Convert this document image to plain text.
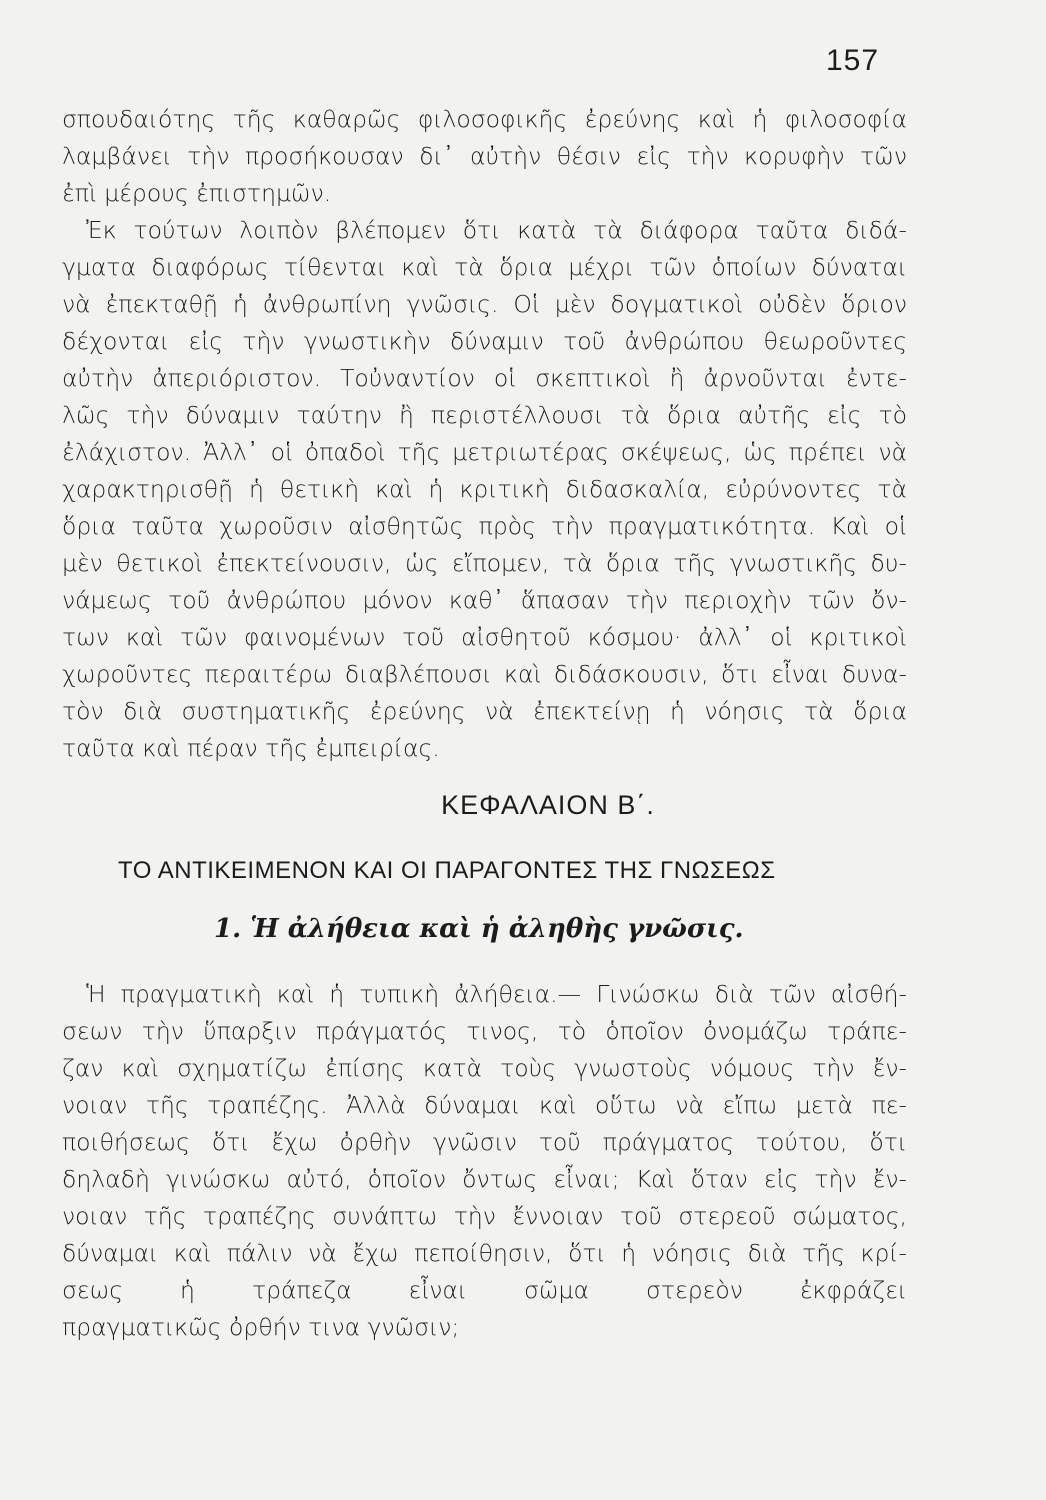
157
σπουδαιότης τῆς καθαρῶς φιλοσοφικῆς ἐρεύνης καὶ ἡ φιλοσοφία
λαμβάνει τὴν προσήκουσαν δι᾽ αὐτὴν θέσιν εἰς τὴν κορυφὴν τῶν
ἐπὶ μέρους ἐπιστημῶν.
Ἐκ τούτων λοιπὸν βλέπομεν ὅτι κατὰ τὰ διάφορα ταῦτα διδά-
γματα διαφόρως τίθενται καὶ τὰ ὅρια μέχρι τῶν ὁποίων δύναται
νὰ ἐπεκταθῇ ἡ ἀνθρωπίνη γνῶσις. Οἱ μὲν δογματικοὶ οὐδὲν ὅριον
δέχονται εἰς τὴν γνωστικὴν δύναμιν τοῦ ἀνθρώπου θεωροῦντες
αὐτὴν ἀπεριόριστον. Τοὐναντίον οἱ σκεπτικοὶ ἢ ἀρνοῦνται ἐντε-
λῶς τὴν δύναμιν ταύτην ἢ περιστέλλουσι τὰ ὅρια αὐτῆς εἰς τὸ
ἐλάχιστον. Ἀλλ᾽ οἱ ὀπαδοὶ τῆς μετριωτέρας σκέψεως, ὡς πρέπει νὰ
χαρακτηρισθῇ ἡ θετικὴ καὶ ἡ κριτικὴ διδασκαλία, εὐρύνοντες τὰ
ὅρια ταῦτα χωροῦσιν αἰσθητῶς πρὸς τὴν πραγματικότητα. Καὶ οἱ
μὲν θετικοὶ ἐπεκτείνουσιν, ὡς εἴπομεν, τὰ ὅρια τῆς γνωστικῆς δυ-
νάμεως τοῦ ἀνθρώπου μόνον καθ᾽ ἅπασαν τὴν περιοχὴν τῶν ὄν-
των καὶ τῶν φαινομένων τοῦ αἰσθητοῦ κόσμου· ἀλλ᾽ οἱ κριτικοὶ
χωροῦντες περαιτέρω διαβλέπουσι καὶ διδάσκουσιν, ὅτι εἶναι δυνα-
τὸν διὰ συστηματικῆς ἐρεύνης νὰ ἐπεκτείνῃ ἡ νόησις τὰ ὅρια
ταῦτα καὶ πέραν τῆς ἐμπειρίας.
ΚΕΦΑΛΑΙΟΝ Β΄.
ΤΟ ΑΝΤΙΚΕΙΜΕΝΟΝ ΚΑΙ ΟΙ ΠΑΡΑΓΟΝΤΕΣ ΤΗΣ ΓΝΩΣΕΩΣ
1. Ἡ ἀλήθεια καὶ ἡ ἀληθὴς γνῶσις.
Ἡ πραγματικὴ καὶ ἡ τυπικὴ ἀλήθεια.— Γινώσκω διὰ τῶν αἰσθή-
σεων τὴν ὕπαρξιν πράγματός τινος, τὸ ὁποῖον ὀνομάζω τράπε-
ζαν καὶ σχηματίζω ἐπίσης κατὰ τοὺς γνωστοὺς νόμους τὴν ἔν-
νοιαν τῆς τραπέζης. Ἀλλὰ δύναμαι καὶ οὕτω νὰ εἴπω μετὰ πε-
ποιθήσεως ὅτι ἔχω ὀρθὴν γνῶσιν τοῦ πράγματος τούτου, ὅτι
δηλαδὴ γινώσκω αὐτό, ὁποῖον ὄντως εἶναι; Καὶ ὅταν εἰς τὴν ἔν-
νοιαν τῆς τραπέζης συνάπτω τὴν ἔννοιαν τοῦ στερεοῦ σώματος,
δύναμαι καὶ πάλιν νὰ ἔχω πεποίθησιν, ὅτι ἡ νόησις διὰ τῆς κρί-
σεως ἡ τράπεζα εἶναι σῶμα στερεὸν ἐκφράζει
πραγματικῶς ὀρθήν τινα γνῶσιν;
